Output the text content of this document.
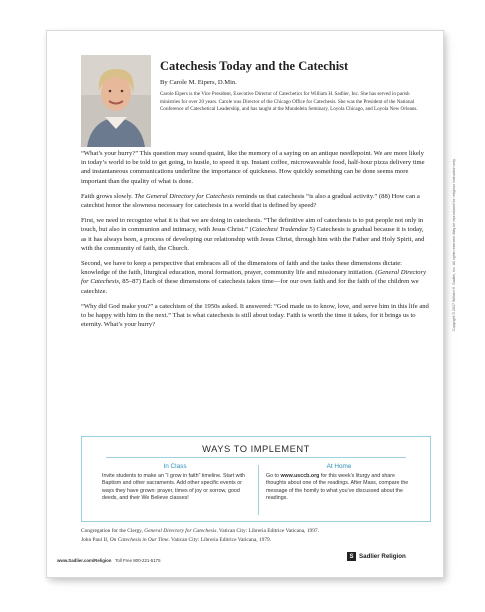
Catechesis Today and the Catechist
By Carole M. Eipers, D.Min.
Carole Eipers is the Vice President, Executive Director of Catechetics for William H. Sadlier, Inc. She has served in parish ministries for over 20 years. Carole was Director of the Chicago Office for Catechesis. She was the President of the National Conference of Catechetical Leadership, and has taught at the Mundelein Seminary, Loyola Chicago, and Loyola New Orleans.

“What’s your hurry?” This question may sound quaint, like the memory of a saying on an antique needlepoint. We are more likely in today’s world to be told to get going, to hustle, to speed it up. Instant coffee, microwaveable food, half-hour pizza delivery time and instantaneous communications underline the importance of quickness. How quickly something can be done seems more important than the quality of what is done.

Faith grows slowly. The General Directory for Catechesis reminds us that catechesis “is also a gradual activity.” (88) How can a catechist honor the slowness necessary for catechesis in a world that is defined by speed?

First, we need to recognize what it is that we are doing in catechesis. “The definitive aim of catechesis is to put people not only in touch, but also in communion and intimacy, with Jesus Christ.” (Catechesi Tradendae 5) Catechesis is gradual because it is today, as it has always been, a process of developing our relationship with Jesus Christ, through him with the Father and Holy Spirit, and with the community of faith, the Church.

Second, we have to keep a perspective that embraces all of the dimensions of faith and the tasks these dimensions dictate: knowledge of the faith, liturgical education, moral formation, prayer, community life and missionary initiation. (General Directory for Catechesis, 85–87) Each of these dimensions of catechesis takes time—for our own faith and for the faith of the children we catechize.

“Why did God make you?” a catechism of the 1950s asked. It answered: “God made us to know, love, and serve him in this life and to be happy with him in the next.” That is what catechesis is still about today. Faith is worth the time it takes, for it brings us to eternity. What’s your hurry?

WAYS TO IMPLEMENT
In Class
Invite students to make an “I grow in faith” timeline. Start with Baptism and other sacraments. Add other specific events or ways they have grown: prayer, times of joy or sorrow, good deeds, and their We Believe classes!
At Home
Go to www.usccb.org for this week’s liturgy and share thoughts about one of the readings. After Mass, compare the message of the homily to what you’ve discussed about the readings.
Congregation for the Clergy, General Directory for Catechesis. Vatican City: Libreria Editrice Vaticana, 1997.
John Paul II, On Catechesis in Our Time. Vatican City: Libreria Editrice Vaticana, 1979.
www.Sadlier.com/Religion Toll Free 800-221-5175
S Sadlier Religion
Copyright © 2017 William H. Sadlier, Inc. All rights reserved. May be reproduced for religious instruction only.
